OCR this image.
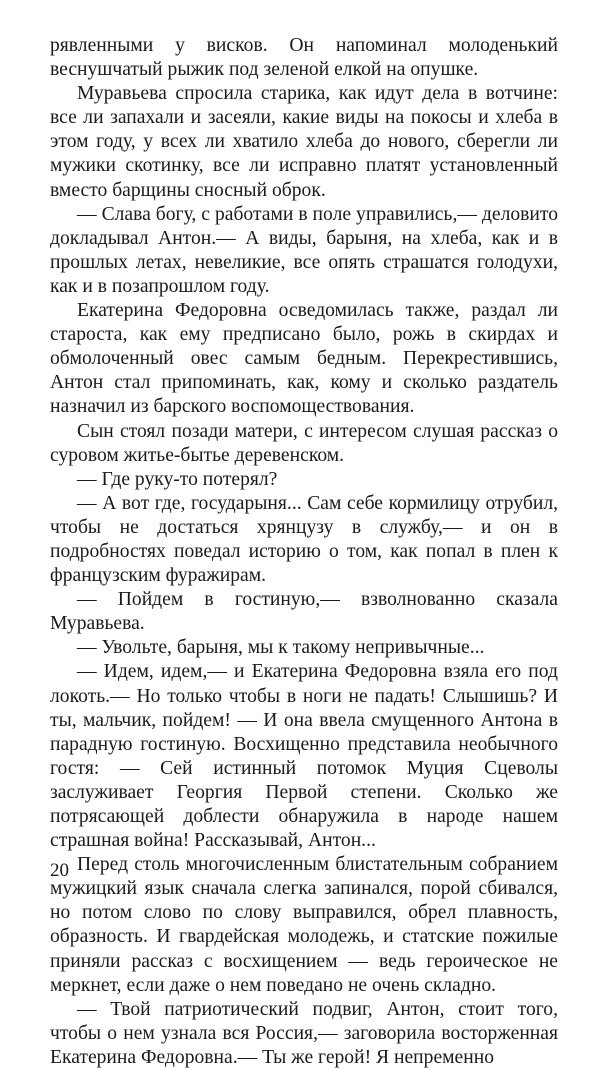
рявленными у висков. Он напоминал молоденький веснушчатый рыжик под зеленой елкой на опушке.

Муравьева спросила старика, как идут дела в вотчине: все ли запахали и засеяли, какие виды на покосы и хлеба в этом году, у всех ли хватило хлеба до нового, сберегли ли мужики скотинку, все ли исправно платят установленный вместо барщины сносный оброк.

— Слава богу, с работами в поле управились,— деловито докладывал Антон.— А виды, барыня, на хлеба, как и в прошлых летах, невеликие, все опять страшатся голодухи, как и в позапрошлом году.

Екатерина Федоровна осведомилась также, раздал ли староста, как ему предписано было, рожь в скирдах и обмолоченный овес самым бедным. Перекрестившись, Антон стал припоминать, как, кому и сколько раздатель назначил из барского воспомоществования.

Сын стоял позади матери, с интересом слушая рассказ о суровом житье-бытье деревенском.

— Где руку-то потерял?

— А вот где, государыня... Сам себе кормилицу отрубил, чтобы не достаться хрянцузу в службу,— и он в подробностях поведал историю о том, как попал в плен к французским фуражирам.

— Пойдем в гостиную,— взволнованно сказала Муравьева.

— Увольте, барыня, мы к такому непривычные...

— Идем, идем,— и Екатерина Федоровна взяла его под локоть.— Но только чтобы в ноги не падать! Слышишь? И ты, мальчик, пойдем! — И она ввела смущенного Антона в парадную гостиную. Восхищенно представила необычного гостя: — Сей истинный потомок Муция Сцеволы заслуживает Георгия Первой степени. Сколько же потрясающей доблести обнаружила в народе нашем страшная война! Рассказывай, Антон...

Перед столь многочисленным блистательным собранием мужицкий язык сначала слегка запинался, порой сбивался, но потом слово по слову выправился, обрел плавность, образность. И гвардейская молодежь, и статские пожилые приняли рассказ с восхищением — ведь героическое не меркнет, если даже о нем поведано не очень складно.

— Твой патриотический подвиг, Антон, стоит того, чтобы о нем узнала вся Россия,— заговорила восторженная Екатерина Федоровна.— Ты же герой! Я непременно

20
